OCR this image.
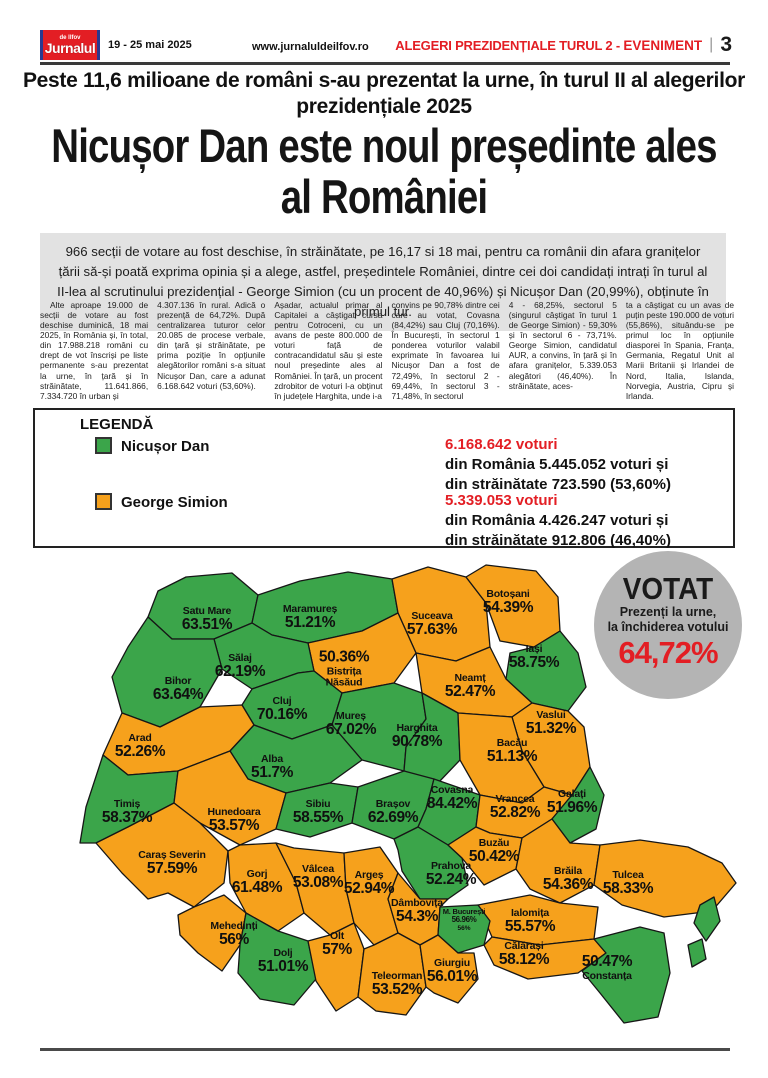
de Ilfov
Jurnalul 19 - 25 mai 2025	www.jurnaluldeilfov.ro ALEGERI PREZIDENȚIALE TURUL 2 - EVENIMENT | 3
Peste 11,6 milioane de români s-au prezentat la urne, în turul II al alegerilor prezidențiale 2025
Nicușor Dan este noul președinte ales
al României
966 secții de votare au fost deschise, în străinătate, pe 16,17 si 18 mai, pentru ca românii din afara granițelor țării să-și poată exprima opinia și a alege, astfel, președintele României, dintre cei doi candidați intrați în turul al II-lea al scrutinului prezidențial - George Simion (cu un procent de 40,96%) și Nicușor Dan (20,99%), obținute în primul tur.
Alte aproape 19.000 de secții de votare au fost deschise duminică, 18 mai 2025, în România și, în total, din 17.988.218 români cu drept de vot înscriși pe liste permanente s-au prezentat la urne, în țară și în străinătate, 11.641.866, 7.334.720 în urban și
4.307.136 în rural. Adică o prezență de 64,72%. După centralizarea tuturor celor 20.085 de procese verbale, din țară și străinătate, pe prima poziție în opțiunile alegătorilor români s-a situat Nicușor Dan, care a adunat 6.168.642 voturi (53,60%).
Așadar, actualul primar al Capitalei a câștigat cursa pentru Cotroceni, cu un avans de peste 800.000 de voturi față de contracandidatul său și este noul președinte ales al României. În țară, un procent zdrobitor de voturi l-a obținut în județele Harghita, unde i-a
convins pe 90,78% dintre cei care au votat, Covasna (84,42%) sau Cluj (70,16%). În București, în sectorul 1 ponderea voturilor valabil exprimate în favoarea lui Nicușor Dan a fost de 72,49%, în sectorul 2 - 69,44%, în sectorul 3 - 71,48%, în sectorul
4 - 68,25%, sectorul 5 (singurul câștigat în turul 1 de George Simion) - 59,30% și în sectorul 6 - 73,71%. George Simion, candidatul AUR, a convins, în țară și în afara granițelor, 5.339.053 alegători (46,40%). În străinătate, aces-
ta a câștigat cu un avas de puțin peste 190.000 de voturi (55,86%), situându-se pe primul loc în opțiunile diasporei în Spania, Franța, Germania, Regatul Unit al Marii Britanii și Irlandei de Nord, Italia, Islanda, Norvegia, Austria, Cipru și Irlanda.
LEGENDĂ
Nicușor Dan	6.168.642 voturi
din România 5.445.052 voturi și
din străinătate 723.590 (53,60%)
George Simion	5.339.053 voturi
din România 4.426.247 voturi și
din străinătate 912.806 (46,40%)
Satu Mare
63.51%
Maramureș
51.21%	Suceava
57.63%
Botoșani
54.39%
50.36%
Bistrița
Năsăud
Sălaj
62.19%
Iași
58.75%
Bihor
63.64%
Neamț
52.47%
Cluj
70.16%	Mureș
67.02%	Harghita
90.78%
Vaslui
51.32%
Arad
52.26%	Alba
51.7%
Bacău
51.13%
Covasna
84.42%
Timiș
58.37%	Hunedoara
53.57%
Sibiu
58.55%
Brașov
62.69%
Vrancea
52.82%
Galați
51.96%
Caraș Severin
57.59%	Gorj
61.48%
Vâlcea
53.08%	Argeș
52.94%
Prahova
52.24%
Buzău
50.42%
Brăila
54.36%
Tulcea
58.33%
Mehedinți
56%
Dâmbovița
54.3%	Ialomița
55.57%
Olt
57%
Dolj
51.01%
Teleorman
53.52%
Giurgiu
56.01%
M. București
56.96%
56%
Călărași
58.12% 50.47%
Constanța
VOTAT
Prezenți la urne,
la închiderea votului
64,72%
